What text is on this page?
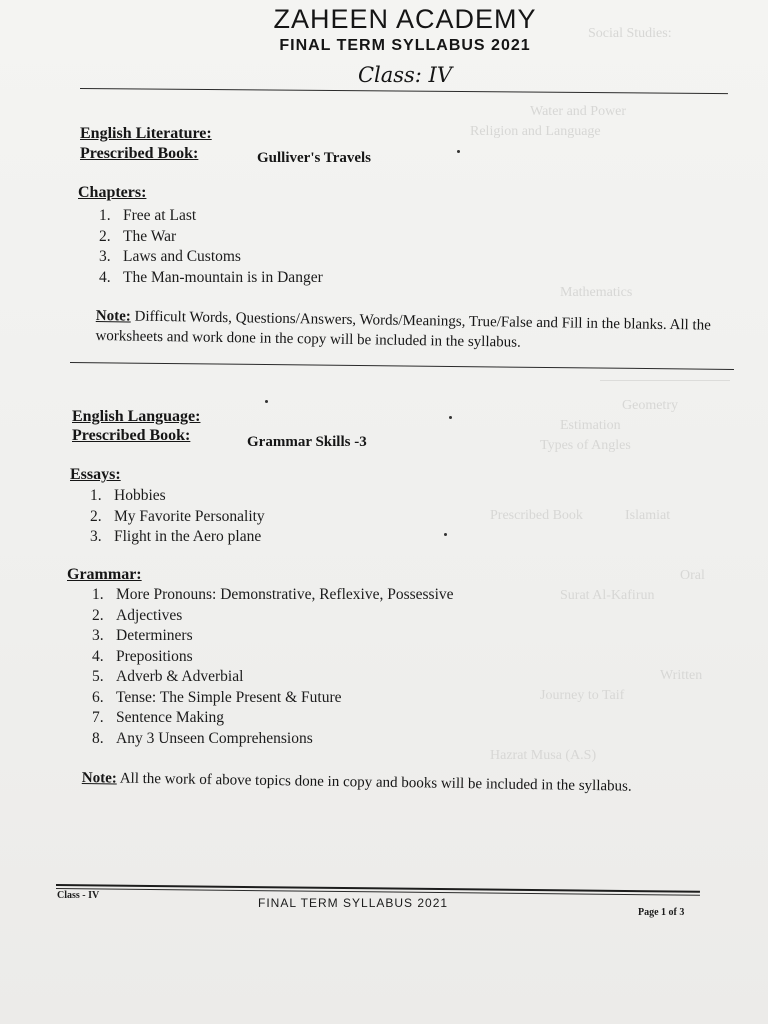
Social Studies:
Water and Power
Religion and Language
Mathematics
Geometry
Estimation
Types of Angles
Prescribed Book	Islamiat
Oral
Surat Al-Kafirun
Written
Journey to Taif
Hazrat Musa (A.S)
ZAHEEN ACADEMY
FINAL TERM SYLLABUS 2021
Class: IV
English Literature:
Prescribed Book:	Gulliver's Travels
Chapters:
1. Free at Last
2. The War
3. Laws and Customs
4. The Man-mountain is in Danger
Note: Difficult Words, Questions/Answers, Words/Meanings, True/False and Fill in the blanks. All the worksheets and work done in the copy will be included in the syllabus.
English Language:
Prescribed Book:	Grammar Skills -3
Essays:
1. Hobbies
2. My Favorite Personality
3. Flight in the Aero plane
Grammar:
1. More Pronouns: Demonstrative, Reflexive, Possessive
2. Adjectives
3. Determiners
4. Prepositions
5. Adverb & Adverbial
6. Tense: The Simple Present & Future
7. Sentence Making
8. Any 3 Unseen Comprehensions
Note: All the work of above topics done in copy and books will be included in the syllabus.
Class - IV
FINAL TERM SYLLABUS 2021
Page 1 of 3
